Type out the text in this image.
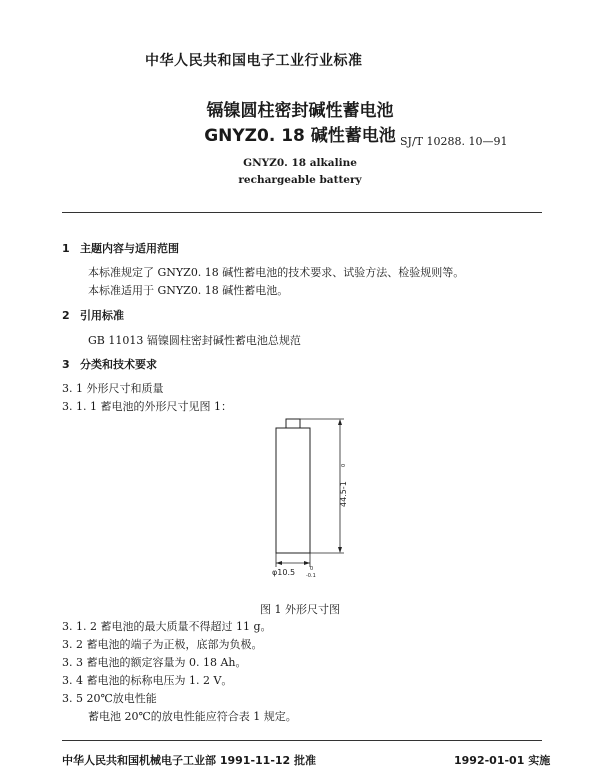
中华人民共和国电子工业行业标准
镉镍圆柱密封碱性蓄电池
GNYZ0. 18 碱性蓄电池 SJ/T 10288. 10—91
GNYZ0. 18 alkaline
rechargeable battery
1 主题内容与适用范围
本标准规定了 GNYZ0. 18 碱性蓄电池的技术要求、试验方法、检验规则等。
本标准适用于 GNYZ0. 18 碱性蓄电池。
2 引用标准
GB 11013 镉镍圆柱密封碱性蓄电池总规范
3 分类和技术要求
3. 1 外形尺寸和质量
3. 1. 1 蓄电池的外形尺寸见图 1：
44.5-1
0
φ10.5	0
-0.1
图 1 外形尺寸图
3. 1. 2 蓄电池的最大质量不得超过 11 g。
3. 2 蓄电池的端子为正极，底部为负极。
3. 3 蓄电池的额定容量为 0. 18 Ah。
3. 4 蓄电池的标称电压为 1. 2 V。
3. 5 20℃放电性能
蓄电池 20℃的放电性能应符合表 1 规定。
中华人民共和国机械电子工业部 1991-11-12 批准	1992-01-01 实施
